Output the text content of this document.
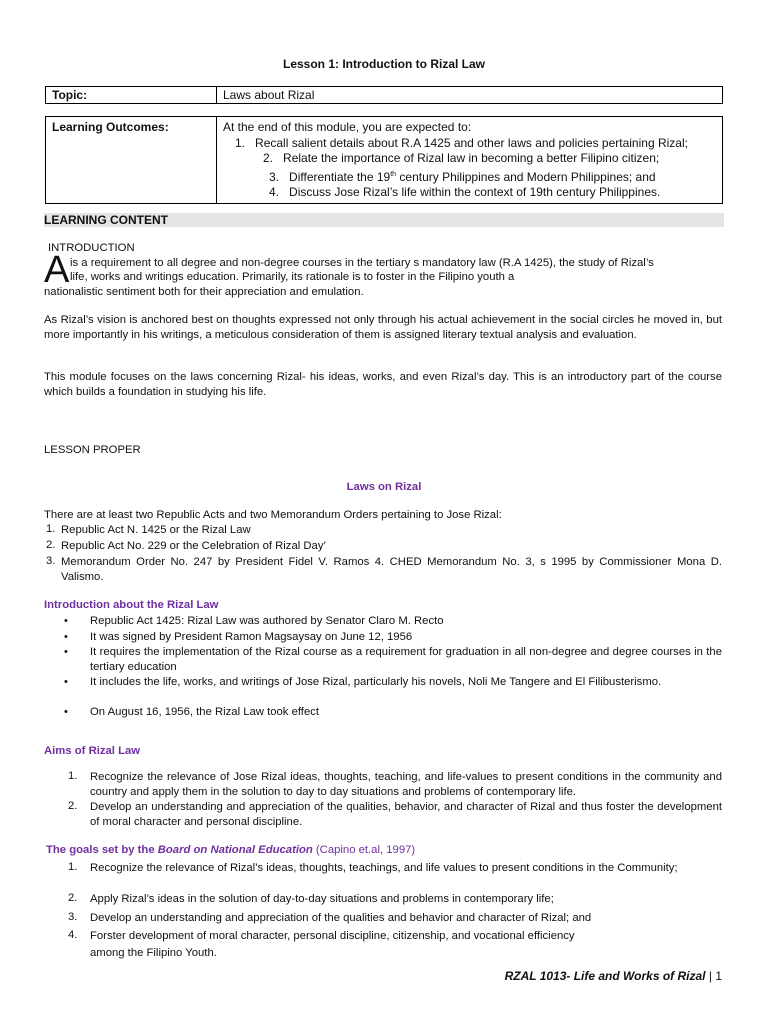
Lesson 1: Introduction to Rizal Law
Topic:	Laws about Rizal
Learning Outcomes:	At the end of this module, you are expected to:
1. Recall salient details about R.A 1425 and other laws and policies pertaining Rizal;
2. Relate the importance of Rizal law in becoming a better Filipino citizen;
3. Differentiate the 19th century Philippines and Modern Philippines; and
4. Discuss Jose Rizal’s life within the context of 19th century Philippines.
LEARNING CONTENT
INTRODUCTION
A is a requirement to all degree and non-degree courses in the tertiary s mandatory law (R.A 1425), the study of Rizal’s
life, works and writings education. Primarily, its rationale is to foster in the Filipino youth a
nationalistic sentiment both for their appreciation and emulation.
As Rizal’s vision is anchored best on thoughts expressed not only through his actual achievement in the social circles he moved in, but more importantly in his writings, a meticulous consideration of them is assigned literary textual analysis and evaluation.
This module focuses on the laws concerning Rizal- his ideas, works, and even Rizal’s day. This is an introductory part of the course which builds a foundation in studying his life.
LESSON PROPER
Laws on Rizal
There are at least two Republic Acts and two Memorandum Orders pertaining to Jose Rizal:
1. Republic Act N. 1425 or the Rizal Law
2. Republic Act No. 229 or the Celebration of Rizal Day’
3. Memorandum Order No. 247 by President Fidel V. Ramos 4. CHED Memorandum No. 3, s 1995 by Commissioner Mona D. Valismo.
Introduction about the Rizal Law
• Republic Act 1425: Rizal Law was authored by Senator Claro M. Recto
• It was signed by President Ramon Magsaysay on June 12, 1956
• It requires the implementation of the Rizal course as a requirement for graduation in all non-degree and degree courses in the tertiary education
• It includes the life, works, and writings of Jose Rizal, particularly his novels, Noli Me Tangere and El Filibusterismo.
• On August 16, 1956, the Rizal Law took effect
Aims of Rizal Law
1. Recognize the relevance of Jose Rizal ideas, thoughts, teaching, and life-values to present conditions in the community and country and apply them in the solution to day to day situations and problems of contemporary life.
2. Develop an understanding and appreciation of the qualities, behavior, and character of Rizal and thus foster the development of moral character and personal discipline.
The goals set by the Board on National Education (Capino et.al, 1997)
1. Recognize the relevance of Rizal’s ideas, thoughts, teachings, and life values to present conditions in the Community;
2. Apply Rizal’s ideas in the solution of day-to-day situations and problems in contemporary life;
3. Develop an understanding and appreciation of the qualities and behavior and character of Rizal; and
4. Forster development of moral character, personal discipline, citizenship, and vocational efficiency
among the Filipino Youth.
RZAL 1013- Life and Works of Rizal | 1
